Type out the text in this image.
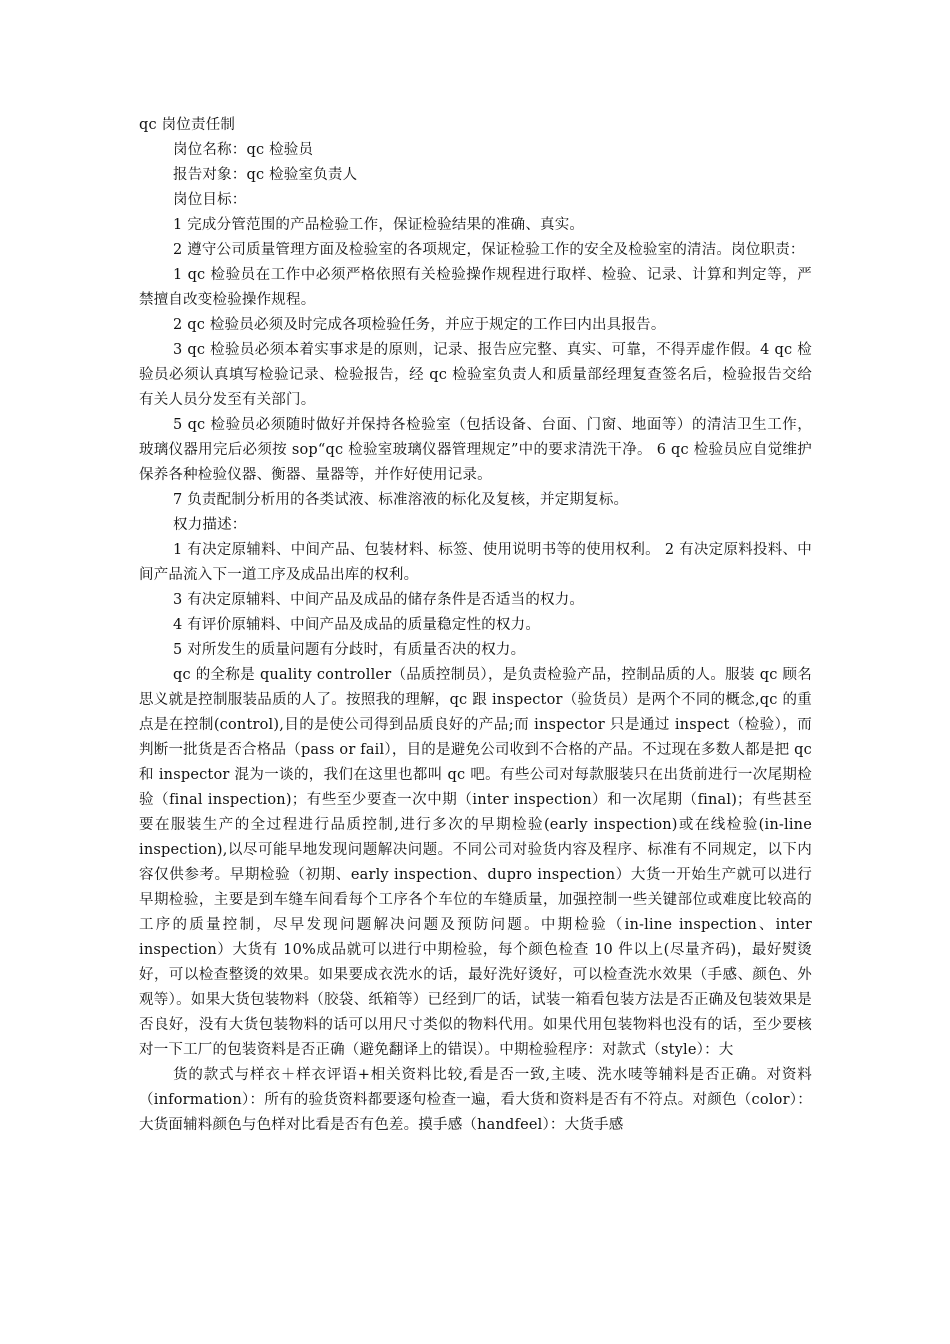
qc 岗位责任制

岗位名称：qc 检验员

报告对象：qc 检验室负责人

岗位目标：

1 完成分管范围的产品检验工作，保证检验结果的准确、真实。

2 遵守公司质量管理方面及检验室的各项规定，保证检验工作的安全及检验室的清洁。岗位职责：

1 qc 检验员在工作中必须严格依照有关检验操作规程进行取样、检验、记录、计算和判定等，严禁擅自改变检验操作规程。

2 qc 检验员必须及时完成各项检验任务，并应于规定的工作曰内出具报告。

3 qc 检验员必须本着实事求是的原则，记录、报告应完整、真实、可靠，不得弄虚作假。4 qc 检验员必须认真填写检验记录、检验报告，经 qc 检验室负责人和质量部经理复查签名后，检验报告交给有关人员分发至有关部门。

5 qc 检验员必须随时做好并保持各检验室（包括设备、台面、门窗、地面等）的清洁卫生工作，玻璃仪器用完后必须按 sop“qc 检验室玻璃仪器管理规定”中的要求清洗干净。 6 qc 检验员应自觉维护保养各种检验仪器、衡器、量器等，并作好使用记录。

7 负责配制分析用的各类试液、标准溶液的标化及复核，并定期复标。

权力描述：

1 有决定原辅料、中间产品、包装材料、标签、使用说明书等的使用权利。 2 有决定原料投料、中间产品流入下一道工序及成品出库的权利。

3 有决定原辅料、中间产品及成品的储存条件是否适当的权力。

4 有评价原辅料、中间产品及成品的质量稳定性的权力。

5 对所发生的质量问题有分歧时，有质量否决的权力。

qc 的全称是 quality controller（品质控制员），是负责检验产品，控制品质的人。服装 qc 顾名思义就是控制服装品质的人了。按照我的理解，qc 跟 inspector（验货员）是两个不同的概念,qc 的重点是在控制(control),目的是使公司得到品质良好的产品;而 inspector 只是通过 inspect（检验），而判断一批货是否合格品（pass or fail），目的是避免公司收到不合格的产品。不过现在多数人都是把 qc 和 inspector 混为一谈的，我们在这里也都叫 qc 吧。有些公司对每款服装只在出货前进行一次尾期检验（final inspection)；有些至少要查一次中期（inter inspection）和一次尾期（final)；有些甚至要在服装生产的全过程进行品质控制,进行多次的早期检验(early inspection)或在线检验(in-line inspection),以尽可能早地发现问题解决问题。不同公司对验货内容及程序、标准有不同规定，以下内容仅供参考。早期检验（初期、early inspection、dupro inspection）大货一开始生产就可以进行早期检验，主要是到车缝车间看每个工序各个车位的车缝质量，加强控制一些关键部位或难度比较高的工序的质量控制，尽早发现问题解决问题及预防问题。中期检验（in-line inspection、inter inspection）大货有 10%成品就可以进行中期检验，每个颜色检查 10 件以上(尽量齐码)，最好熨烫好，可以检查整烫的效果。如果要成衣洗水的话，最好洗好烫好，可以检查洗水效果（手感、颜色、外观等）。如果大货包装物料（胶袋、纸箱等）已经到厂的话，试装一箱看包装方法是否正确及包装效果是否良好，没有大货包装物料的话可以用尺寸类似的物料代用。如果代用包装物料也没有的话，至少要核对一下工厂的包装资料是否正确（避免翻译上的错误）。中期检验程序：对款式（style）：大

货的款式与样衣＋样衣评语+相关资料比较,看是否一致,主唛、洗水唛等辅料是否正确。对资料（information）：所有的验货资料都要逐句检查一遍，看大货和资料是否有不符点。对颜色（color）：大货面辅料颜色与色样对比看是否有色差。摸手感（handfeel）：大货手感
